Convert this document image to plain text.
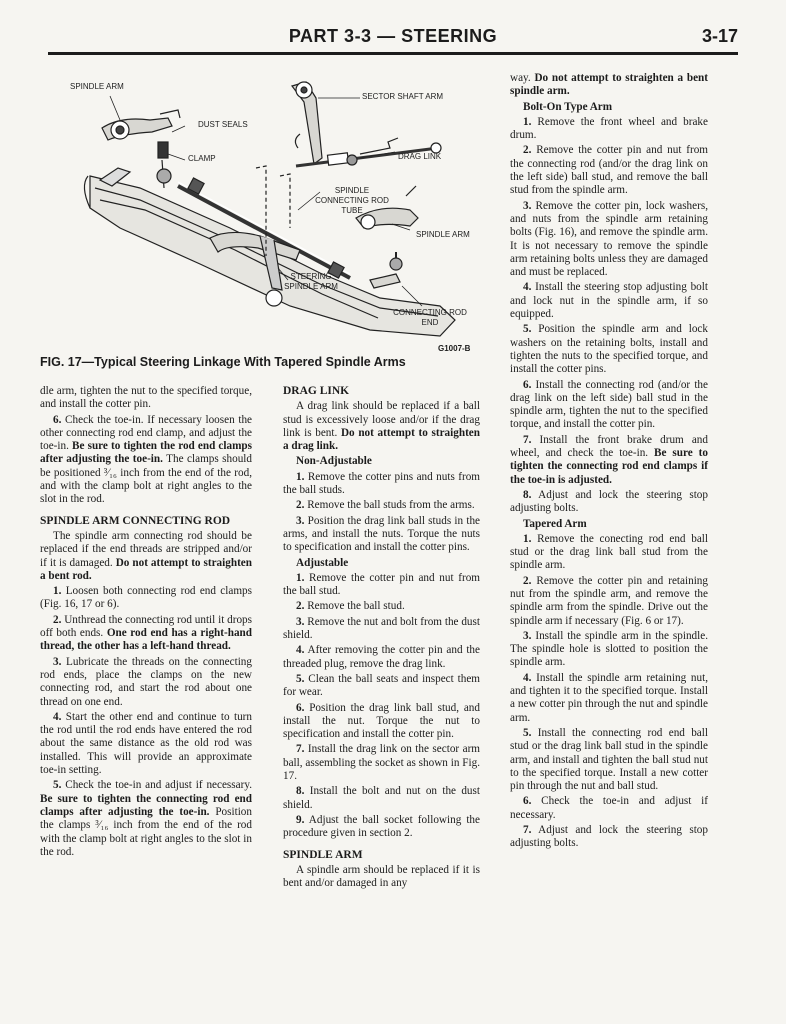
PART 3-3 — STEERING	3-17
SPINDLE ARM
DUST SEALS
CLAMP
SECTOR SHAFT ARM
DRAG LINK
SPINDLE CONNECTING ROD TUBE
SPINDLE ARM
STEERING SPINDLE ARM
CONNECTING ROD END
G1007-B
FIG. 17—Typical Steering Linkage With Tapered Spindle Arms

dle arm, tighten the nut to the specified torque, and install the cotter pin.

6. Check the toe-in. If necessary loosen the other connecting rod end clamp, and adjust the toe-in. Be sure to tighten the rod end clamps after adjusting the toe-in. The clamps should be positioned ³⁄₁₆ inch from the end of the rod, and with the clamp bolt at right angles to the slot in the rod.

SPINDLE ARM CONNECTING ROD

The spindle arm connecting rod should be replaced if the end threads are stripped and/or if it is damaged. Do not attempt to straighten a bent rod.

1. Loosen both connecting rod end clamps (Fig. 16, 17 or 6).

2. Unthread the connecting rod until it drops off both ends. One rod end has a right-hand thread, the other has a left-hand thread.

3. Lubricate the threads on the connecting rod ends, place the clamps on the new connecting rod, and start the rod about one thread on one end.

4. Start the other end and continue to turn the rod until the rod ends have entered the rod about the same distance as the old rod was installed. This will provide an approximate toe-in setting.

5. Check the toe-in and adjust if necessary. Be sure to tighten the connecting rod end clamps after adjusting the toe-in. Position the clamps ³⁄₁₆ inch from the end of the rod with the clamp bolt at right angles to the slot in the rod.

DRAG LINK

A drag link should be replaced if a ball stud is excessively loose and/or if the drag link is bent. Do not attempt to straighten a drag link.

Non-Adjustable

1. Remove the cotter pins and nuts from the ball studs.

2. Remove the ball studs from the arms.

3. Position the drag link ball studs in the arms, and install the nuts. Torque the nuts to specification and install the cotter pins.

Adjustable

1. Remove the cotter pin and nut from the ball stud.

2. Remove the ball stud.

3. Remove the nut and bolt from the dust shield.

4. After removing the cotter pin and the threaded plug, remove the drag link.

5. Clean the ball seats and inspect them for wear.

6. Position the drag link ball stud, and install the nut. Torque the nut to specification and install the cotter pin.

7. Install the drag link on the sector arm ball, assembling the socket as shown in Fig. 17.

8. Install the bolt and nut on the dust shield.

9. Adjust the ball socket following the procedure given in section 2.

SPINDLE ARM

A spindle arm should be replaced if it is bent and/or damaged in any

way. Do not attempt to straighten a bent spindle arm.

Bolt-On Type Arm

1. Remove the front wheel and brake drum.

2. Remove the cotter pin and nut from the connecting rod (and/or the drag link on the left side) ball stud, and remove the ball stud from the spindle arm.

3. Remove the cotter pin, lock washers, and nuts from the spindle arm retaining bolts (Fig. 16), and remove the spindle arm. It is not necessary to remove the spindle arm retaining bolts unless they are damaged and must be replaced.

4. Install the steering stop adjusting bolt and lock nut in the spindle arm, if so equipped.

5. Position the spindle arm and lock washers on the retaining bolts, install and tighten the nuts to the specified torque, and install the cotter pins.

6. Install the connecting rod (and/or the drag link on the left side) ball stud in the spindle arm, tighten the nut to the specified torque, and install the cotter pin.

7. Install the front brake drum and wheel, and check the toe-in. Be sure to tighten the connecting rod end clamps if the toe-in is adjusted.

8. Adjust and lock the steering stop adjusting bolts.

Tapered Arm

1. Remove the conecting rod end ball stud or the drag link ball stud from the spindle arm.

2. Remove the cotter pin and retaining nut from the spindle arm, and remove the spindle arm from the spindle. Drive out the spindle arm if necessary (Fig. 6 or 17).

3. Install the spindle arm in the spindle. The spindle hole is slotted to position the spindle arm.

4. Install the spindle arm retaining nut, and tighten it to the specified torque. Install a new cotter pin through the nut and spindle arm.

5. Install the connecting rod end ball stud or the drag link ball stud in the spindle arm, and install and tighten the ball stud nut to the specified torque. Install a new cotter pin through the nut and ball stud.

6. Check the toe-in and adjust if necessary.

7. Adjust and lock the steering stop adjusting bolts.
